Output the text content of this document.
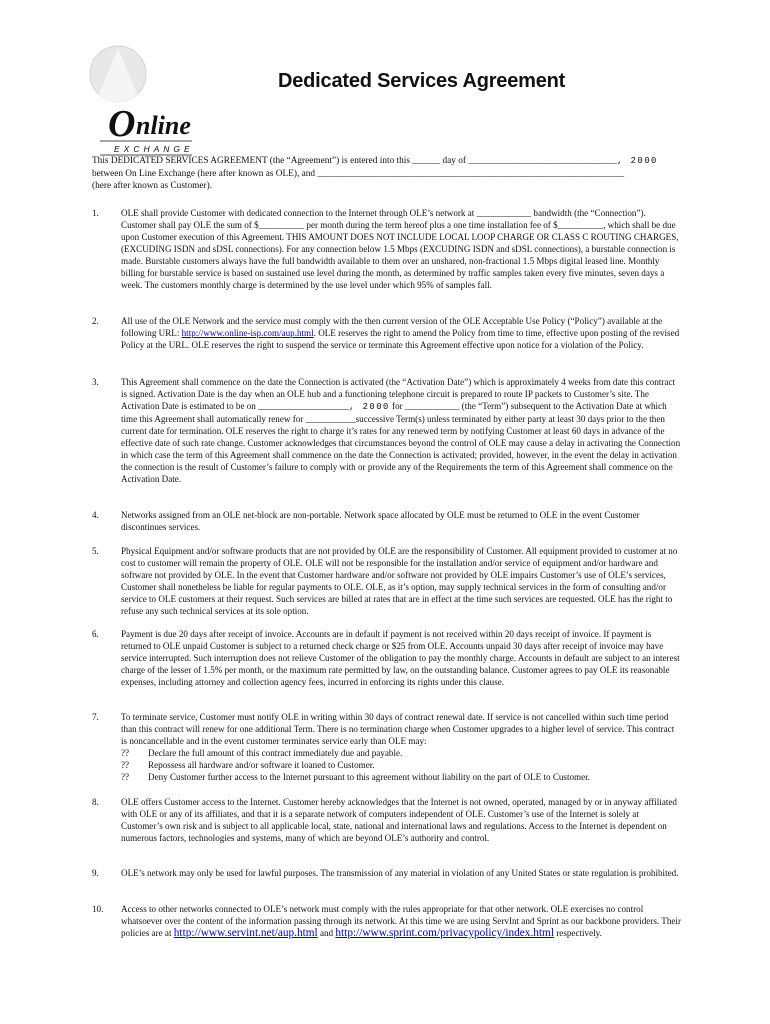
O nline
EXCHANGE
Dedicated Services Agreement
This DEDICATED SERVICES AGREEMENT (the “Agreement”) is entered into this ______ day of ________________________________, 2000
between On Line Exchange (here after known as OLE), and __________________________________________________________________
(here after known as Customer).
1. OLE shall provide Customer with dedicated connection to the Internet through OLE’s network at ____________ bandwidth (the “Connection”). Customer shall pay OLE the sum of $__________ per month during the term hereof plus a one time installation fee of $__________, which shall be due upon Customer execution of this Agreement. THIS AMOUNT DOES NOT INCLUDE LOCAL LOOP CHARGE OR CLASS C ROUTING CHARGES, (EXCUDING ISDN and sDSL connections). For any connection below 1.5 Mbps (EXCUDING ISDN and sDSL connections), a burstable connection is made. Burstable customers always have the full bandwidth available to them over an unshared, non-fractional 1.5 Mbps digital leased line. Monthly billing for burstable service is based on sustained use level during the month, as determined by traffic samples taken every five minutes, seven days a week. The customers monthly charge is determined by the use level under which 95% of samples fall.

2. All use of the OLE Network and the service must comply with the then current version of the OLE Acceptable Use Policy (“Policy”) available at the following URL: http://www.online-isp.com/aup.html. OLE reserves the right to amend the Policy from time to time, effective upon posting of the revised Policy at the URL. OLE reserves the right to suspend the service or terminate this Agreement effective upon notice for a violation of the Policy.

3. This Agreement shall commence on the date the Connection is activated (the “Activation Date”) which is approximately 4 weeks from date this contract is signed. Activation Date is the day when an OLE hub and a functioning telephone circuit is prepared to route IP packets to Customer’s site. The Activation Date is estimated to be on ____________________, 2000 for ____________ (the “Term”) subsequent to the Activation Date at which time this Agreement shall automatically renew for ___________successive Term(s) unless terminated by either party at least 30 days prior to the then current date for termination. OLE reserves the right to charge it’s rates for any renewed term by notifying Customer at least 60 days in advance of the effective date of such rate change. Customer acknowledges that circumstances beyond the control of OLE may cause a delay in activating the Connection in which case the term of this Agreement shall commence on the date the Connection is activated; provided, however, in the event the delay in activation the connection is the result of Customer’s failure to comply with or provide any of the Requirements the term of this Agreement shall commence on the Activation Date.

4. Networks assigned from an OLE net-block are non-portable. Network space allocated by OLE must be returned to OLE in the event Customer discontinues services.

5. Physical Equipment and/or software products that are not provided by OLE are the responsibility of Customer. All equipment provided to customer at no cost to customer will remain the property of OLE. OLE will not be responsible for the installation and/or service of equipment and/or hardware and software not provided by OLE. In the event that Customer hardware and/or software not provided by OLE impairs Customer’s use of OLE’s services, Customer shall nonetheless be liable for regular payments to OLE. OLE, as it’s option, may supply technical services in the form of consulting and/or service to OLE customers at their request. Such services are billed at rates that are in effect at the time such services are requested. OLE has the right to refuse any such technical services at its sole option.

6. Payment is due 20 days after receipt of invoice. Accounts are in default if payment is not received within 20 days receipt of invoice. If payment is returned to OLE unpaid Customer is subject to a returned check charge or $25 from OLE. Accounts unpaid 30 days after receipt of invoice may have service interrupted. Such interruption does not relieve Customer of the obligation to pay the monthly charge. Accounts in default are subject to an interest charge of the lesser of 1.5% per month, or the maximum rate permitted by law, on the outstanding balance. Customer agrees to pay OLE its reasonable expenses, including attorney and collection agency fees, incurred in enforcing its rights under this clause.

7. To terminate service, Customer must notify OLE in writing within 30 days of contract renewal date. If service is not cancelled within such time period than this contract will renew for one additional Term. There is no termination charge when Customer upgrades to a higher level of service. This contract is noncancellable and in the event customer terminates service early than OLE may:

??	Declare the full amount of this contract immediately due and payable.
??	Repossess all hardware and/or software it loaned to Customer.
??	Deny Customer further access to the Internet pursuant to this agreement without liability on the part of OLE to Customer.
8. OLE offers Customer access to the Internet. Customer hereby acknowledges that the Internet is not owned, operated, managed by or in anyway affiliated with OLE or any of its affiliates, and that it is a separate network of computers independent of OLE. Customer’s use of the Internet is solely at Customer’s own risk and is subject to all applicable local, state, national and international laws and regulations. Access to the Internet is dependent on numerous factors, technologies and systems, many of which are beyond OLE’s authority and control.

9. OLE’s network may only be used for lawful purposes. The transmission of any material in violation of any United States or state regulation is prohibited.

10. Access to other networks connected to OLE’s network must comply with the rules appropriate for that other network. OLE exercises no control whatsoever over the content of the information passing through its network. At this time we are using ServInt and Sprint as our backbone providers. Their policies are at http://www.servint.net/aup.html and http://www.sprint.com/privacypolicy/index.html respectively.
